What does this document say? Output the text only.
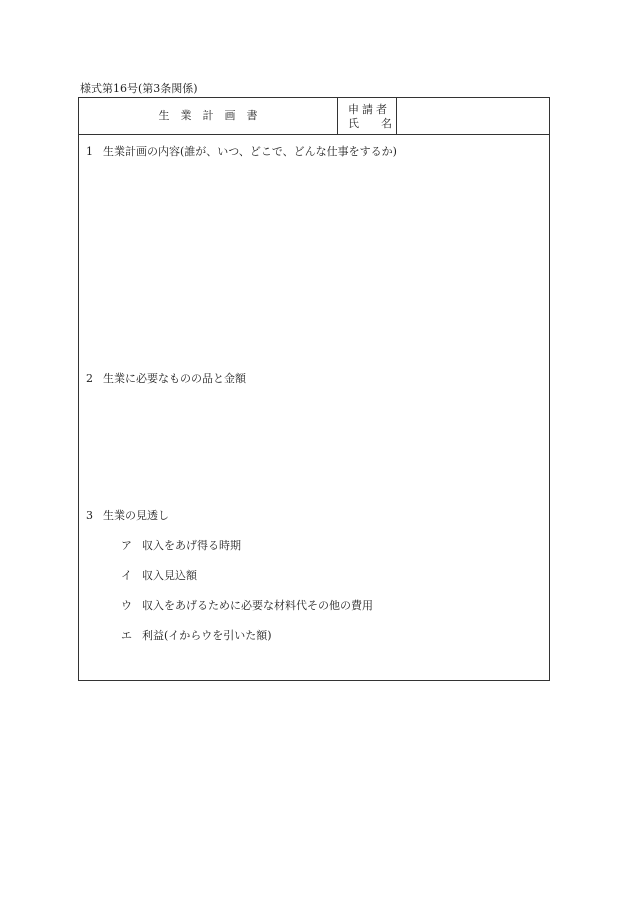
様式第16号(第3条関係)
生業計画書	申請者
氏 名
1 生業計画の内容(誰が、いつ、どこで、どんな仕事をするか)
2 生業に必要なものの品と金額
3 生業の見透し
ア 収入をあげ得る時期
イ 収入見込額
ウ 収入をあげるために必要な材料代その他の費用
エ 利益(イからウを引いた額)
